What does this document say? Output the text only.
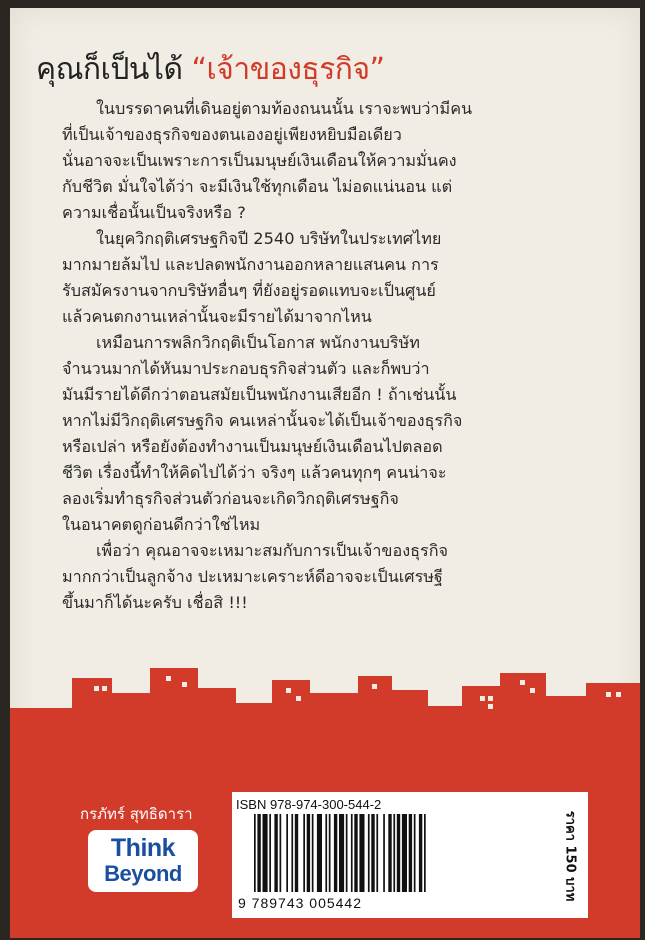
คุณก็เป็นได้ “เจ้าของธุรกิจ”

ในบรรดาคนที่เดินอยู่ตามท้องถนนนั้น เราจะพบว่ามีคน
ที่เป็นเจ้าของธุรกิจของตนเองอยู่เพียงหยิบมือเดียว
นั่นอาจจะเป็นเพราะการเป็นมนุษย์เงินเดือนให้ความมั่นคง
กับชีวิต มั่นใจได้ว่า จะมีเงินใช้ทุกเดือน ไม่อดแน่นอน แต่
ความเชื่อนั้นเป็นจริงหรือ ?

ในยุควิกฤติเศรษฐกิจปี 2540 บริษัทในประเทศไทย
มากมายล้มไป และปลดพนักงานออกหลายแสนคน การ
รับสมัครงานจากบริษัทอื่นๆ ที่ยังอยู่รอดแทบจะเป็นศูนย์
แล้วคนตกงานเหล่านั้นจะมีรายได้มาจากไหน

เหมือนการพลิกวิกฤติเป็นโอกาส พนักงานบริษัท
จำนวนมากได้หันมาประกอบธุรกิจส่วนตัว และก็พบว่า
มันมีรายได้ดีกว่าตอนสมัยเป็นพนักงานเสียอีก ! ถ้าเช่นนั้น
หากไม่มีวิกฤติเศรษฐกิจ คนเหล่านั้นจะได้เป็นเจ้าของธุรกิจ
หรือเปล่า หรือยังต้องทำงานเป็นมนุษย์เงินเดือนไปตลอด
ชีวิต เรื่องนี้ทำให้คิดไปได้ว่า จริงๆ แล้วคนทุกๆ คนน่าจะ
ลองเริ่มทำธุรกิจส่วนตัวก่อนจะเกิดวิกฤติเศรษฐกิจ
ในอนาคตดูก่อนดีกว่าใช่ไหม

เพื่อว่า คุณอาจจะเหมาะสมกับการเป็นเจ้าของธุรกิจ
มากกว่าเป็นลูกจ้าง ปะเหมาะเคราะห์ดีอาจจะเป็นเศรษฐี
ขึ้นมาก็ได้นะครับ เชื่อสิ !!!

กรภัทร์ สุทธิดารา
Think
Beyond
ISBN 978-974-300-544-2
9 789743 005442
ราคา 150 บาท
